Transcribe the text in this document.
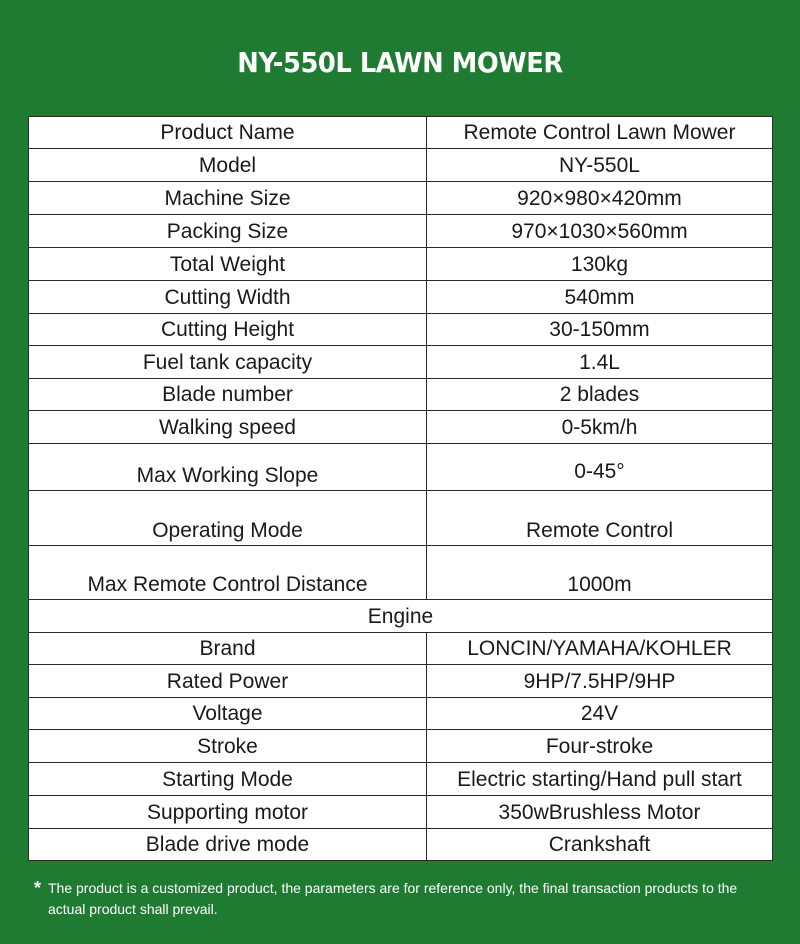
NY-550L LAWN MOWER
Product Name	Remote Control Lawn Mower
Model	NY-550L
Machine Size	920×980×420mm
Packing Size	970×1030×560mm
Total Weight	130kg
Cutting Width	540mm
Cutting Height	30-150mm
Fuel tank capacity	1.4L
Blade number	2 blades
Walking speed	0-5km/h
Max Working Slope	0-45°
Operating Mode	Remote Control
Max Remote Control Distance	1000m
Engine	
Brand	LONCIN/YAMAHA/KOHLER
Rated Power	9HP/7.5HP/9HP
Voltage	24V
Stroke	Four-stroke
Starting Mode	Electric starting/Hand pull start
Supporting motor	350wBrushless Motor
Blade drive mode	Crankshaft
* The product is a customized product, the parameters are for reference only, the final transaction products to the actual product shall prevail.
